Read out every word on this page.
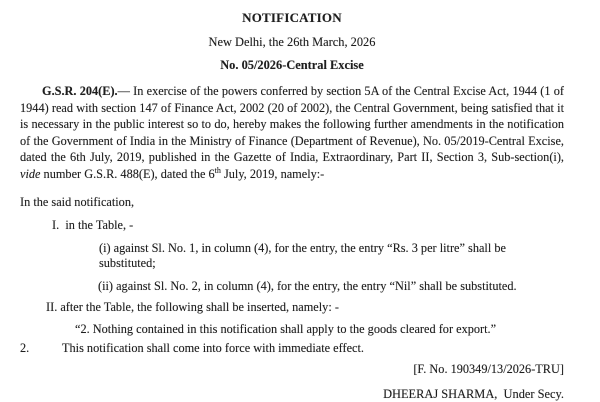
NOTIFICATION
New Delhi, the 26th March, 2026
No. 05/2026-Central Excise

G.S.R. 204(E).— In exercise of the powers conferred by section 5A of the Central Excise Act, 1944 (1 of 1944) read with section 147 of Finance Act, 2002 (20 of 2002), the Central Government, being satisfied that it is necessary in the public interest so to do, hereby makes the following further amendments in the notification of the Government of India in the Ministry of Finance (Department of Revenue), No. 05/2019-Central Excise, dated the 6th July, 2019, published in the Gazette of India, Extraordinary, Part II, Section 3, Sub-section(i), vide number G.S.R. 488(E), dated the 6th July, 2019, namely:-

In the said notification,
I.  in the Table, -
(i) against Sl. No. 1, in column (4), for the entry, the entry “Rs. 3 per litre” shall be substituted;
(ii) against Sl. No. 2, in column (4), for the entry, the entry “Nil” shall be substituted.
II. after the Table, the following shall be inserted, namely: -
“2. Nothing contained in this notification shall apply to the goods cleared for export.”
2.	This notification shall come into force with immediate effect.
[F. No. 190349/13/2026-TRU]
DHEERAJ SHARMA,  Under Secy.
